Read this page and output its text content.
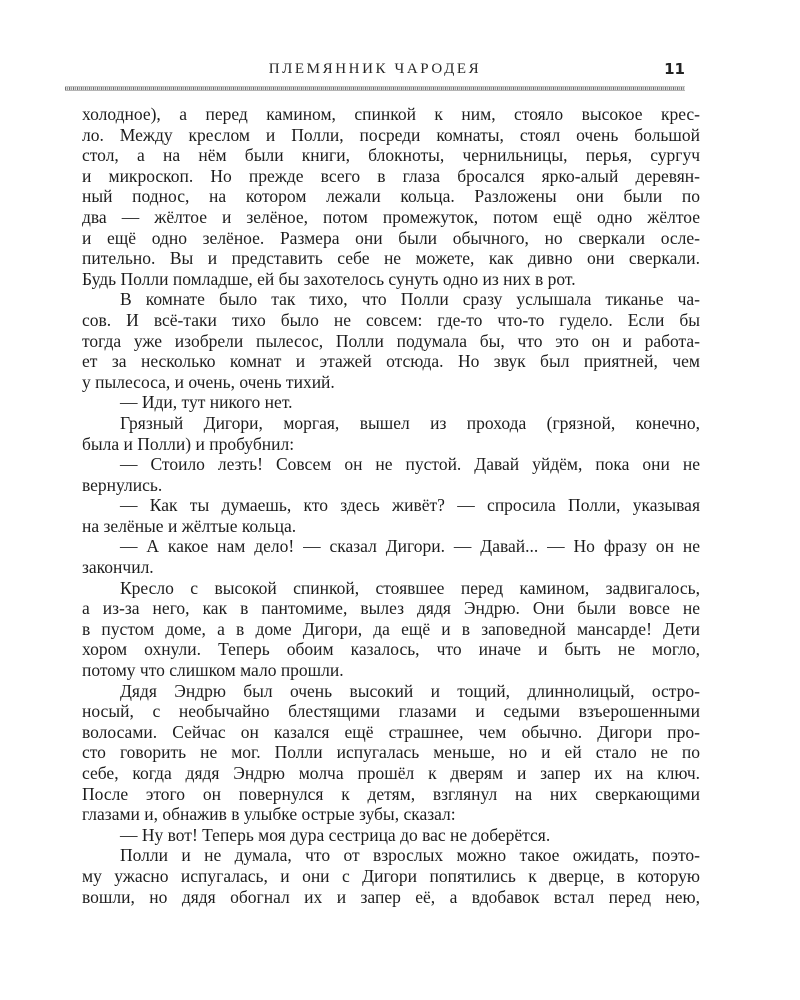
ПЛЕМЯННИК ЧАРОДЕЯ	11
холодное), а перед камином, спинкой к ним, стояло высокое крес-
ло. Между креслом и Полли, посреди комнаты, стоял очень большой
стол, а на нём были книги, блокноты, чернильницы, перья, сургуч
и микроскоп. Но прежде всего в глаза бросался ярко-алый деревян-
ный поднос, на котором лежали кольца. Разложены они были по
два — жёлтое и зелёное, потом промежуток, потом ещё одно жёлтое
и ещё одно зелёное. Размера они были обычного, но сверкали осле-
пительно. Вы и представить себе не можете, как дивно они сверкали.
Будь Полли помладше, ей бы захотелось сунуть одно из них в рот.
В комнате было так тихо, что Полли сразу услышала тиканье ча-
сов. И всё-таки тихо было не совсем: где-то что-то гудело. Если бы
тогда уже изобрели пылесос, Полли подумала бы, что это он и работа-
ет за несколько комнат и этажей отсюда. Но звук был приятней, чем
у пылесоса, и очень, очень тихий.
— Иди, тут никого нет.
Грязный Дигори, моргая, вышел из прохода (грязной, конечно,
была и Полли) и пробубнил:
— Стоило лезть! Совсем он не пустой. Давай уйдём, пока они не
вернулись.
— Как ты думаешь, кто здесь живёт? — спросила Полли, указывая
на зелёные и жёлтые кольца.
— А какое нам дело! — сказал Дигори. — Давай... — Но фразу он не
закончил.
Кресло с высокой спинкой, стоявшее перед камином, задвигалось,
а из-за него, как в пантомиме, вылез дядя Эндрю. Они были вовсе не
в пустом доме, а в доме Дигори, да ещё и в заповедной мансарде! Дети
хором охнули. Теперь обоим казалось, что иначе и быть не могло,
потому что слишком мало прошли.
Дядя Эндрю был очень высокий и тощий, длиннолицый, остро-
носый, с необычайно блестящими глазами и седыми взъерошенными
волосами. Сейчас он казался ещё страшнее, чем обычно. Дигори про-
сто говорить не мог. Полли испугалась меньше, но и ей стало не по
себе, когда дядя Эндрю молча прошёл к дверям и запер их на ключ.
После этого он повернулся к детям, взглянул на них сверкающими
глазами и, обнажив в улыбке острые зубы, сказал:
— Ну вот! Теперь моя дура сестрица до вас не доберётся.
Полли и не думала, что от взрослых можно такое ожидать, поэто-
му ужасно испугалась, и они с Дигори попятились к дверце, в которую
вошли, но дядя обогнал их и запер её, а вдобавок встал перед нею,
